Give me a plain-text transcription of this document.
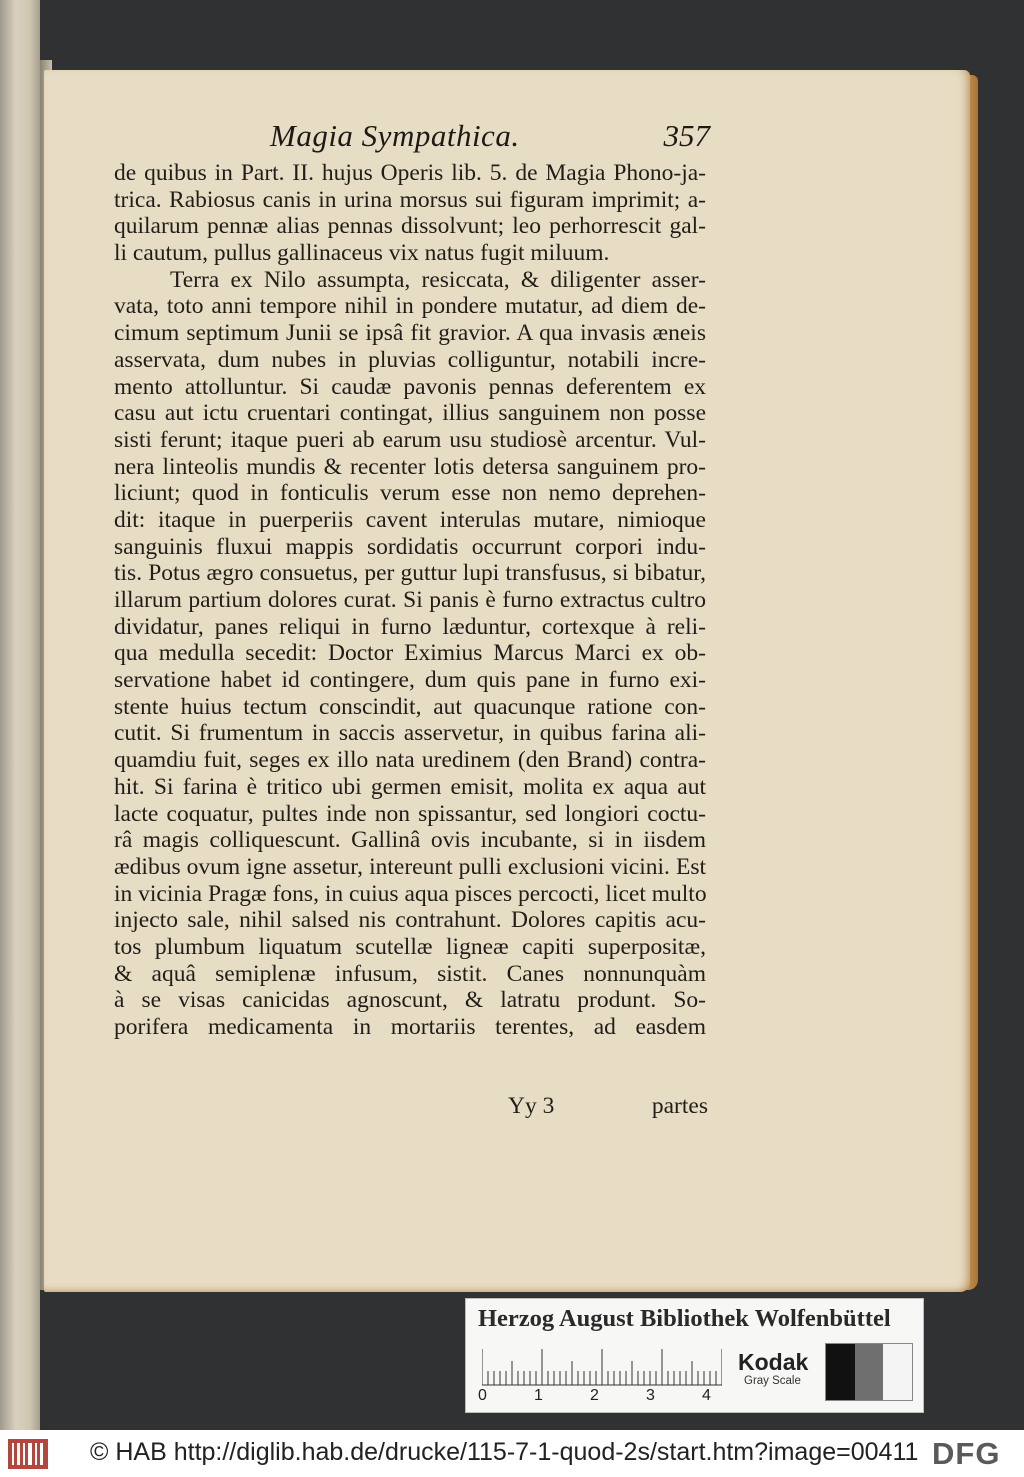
Magia Sympathica.	357
de quibus in Part. II. hujus Operis lib. 5. de Magia Phono-ja-
trica. Rabiosus canis in urina morsus sui figuram imprimit; a-
quilarum pennæ alias pennas dissolvunt; leo perhorrescit gal-
li cautum, pullus gallinaceus vix natus fugit miluum.
Terra ex Nilo assumpta, resiccata, & diligenter asser-
vata, toto anni tempore nihil in pondere mutatur, ad diem de-
cimum septimum Junii se ipsâ fit gravior. A qua invasis æneis
asservata, dum nubes in pluvias colliguntur, notabili incre-
mento attolluntur. Si caudæ pavonis pennas deferentem ex
casu aut ictu cruentari contingat, illius sanguinem non posse
sisti ferunt; itaque pueri ab earum usu studiosè arcentur. Vul-
nera linteolis mundis & recenter lotis detersa sanguinem pro-
liciunt; quod in fonticulis verum esse non nemo deprehen-
dit: itaque in puerperiis cavent interulas mutare, nimioque
sanguinis fluxui mappis sordidatis occurrunt corpori indu-
tis. Potus ægro consuetus, per guttur lupi transfusus, si bibatur,
illarum partium dolores curat. Si panis è furno extractus cultro
dividatur, panes reliqui in furno læduntur, cortexque à reli-
qua medulla secedit: Doctor Eximius Marcus Marci ex ob-
servatione habet id contingere, dum quis pane in furno exi-
stente huius tectum conscindit, aut quacunque ratione con-
cutit. Si frumentum in saccis asservetur, in quibus farina ali-
quamdiu fuit, seges ex illo nata uredinem (den Brand) contra-
hit. Si farina è tritico ubi germen emisit, molita ex aqua aut
lacte coquatur, pultes inde non spissantur, sed longiori coctu-
râ magis colliquescunt. Gallinâ ovis incubante, si in iisdem
ædibus ovum igne assetur, intereunt pulli exclusioni vicini. Est
in vicinia Pragæ fons, in cuius aqua pisces percocti, licet multo
injecto sale, nihil salsed nis contrahunt. Dolores capitis acu-
tos plumbum liquatum scutellæ ligneæ capiti superpositæ,
& aquâ semiplenæ infusum, sistit. Canes nonnunquàm
à se visas canicidas agnoscunt, & latratu produnt. So-
porifera medicamenta in mortariis terentes, ad easdem
Yy 3	partes
Herzog August Bibliothek Wolfenbüttel
0	1	2	3	4
Kodak
Gray Scale
© HAB http://diglib.hab.de/drucke/115-7-1-quod-2s/start.htm?image=00411 DFG
